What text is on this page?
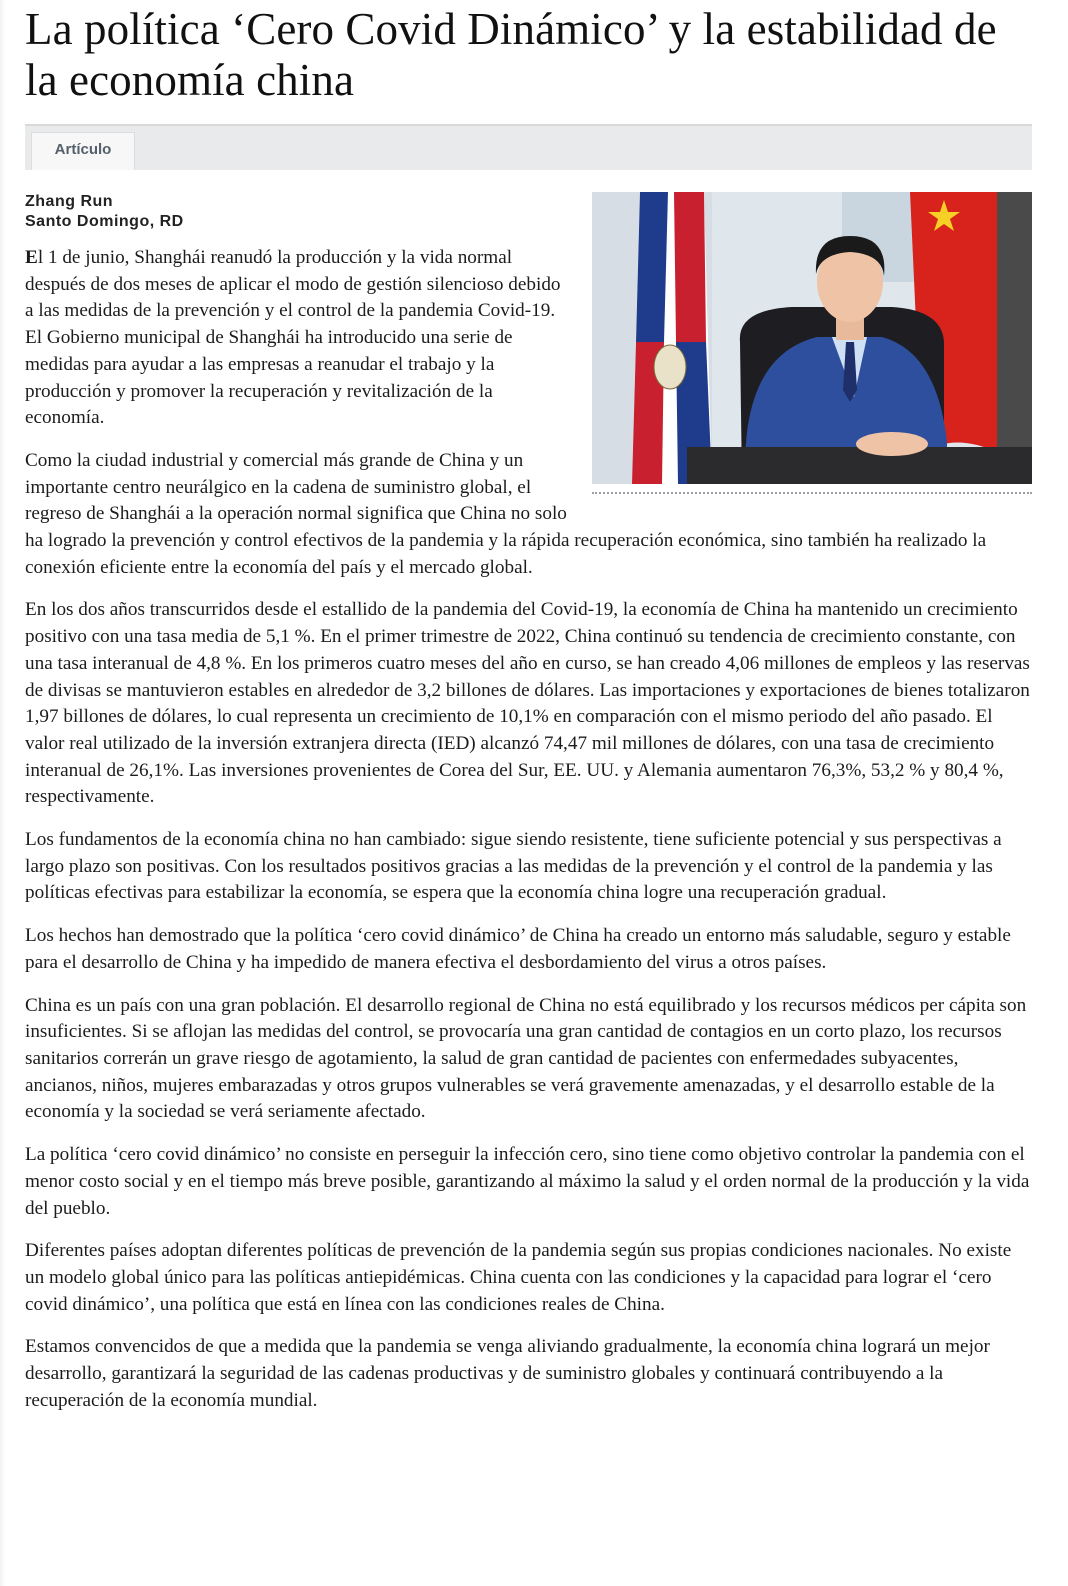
La política ‘Cero Covid Dinámico’ y la estabilidad de la economía china
Artículo
Zhang Run
Santo Domingo, RD

El 1 de junio, Shanghái reanudó la producción y la vida normal después de dos meses de aplicar el modo de gestión silencioso debido a las medidas de la prevención y el control de la pandemia Covid-19. El Gobierno municipal de Shanghái ha introducido una serie de medidas para ayudar a las empresas a reanudar el trabajo y la producción y promover la recuperación y revitalización de la economía.

Como la ciudad industrial y comercial más grande de China y un importante centro neurálgico en la cadena de suministro global, el regreso de Shanghái a la operación normal significa que China no solo ha logrado la prevención y control efectivos de la pandemia y la rápida recuperación económica, sino también ha realizado la conexión eficiente entre la economía del país y el mercado global.

En los dos años transcurridos desde el estallido de la pandemia del Covid-19, la economía de China ha mantenido un crecimiento positivo con una tasa media de 5,1 %. En el primer trimestre de 2022, China continuó su tendencia de crecimiento constante, con una tasa interanual de 4,8 %. En los primeros cuatro meses del año en curso, se han creado 4,06 millones de empleos y las reservas de divisas se mantuvieron estables en alrededor de 3,2 billones de dólares. Las importaciones y exportaciones de bienes totalizaron 1,97 billones de dólares, lo cual representa un crecimiento de 10,1% en comparación con el mismo periodo del año pasado. El valor real utilizado de la inversión extranjera directa (IED) alcanzó 74,47 mil millones de dólares, con una tasa de crecimiento interanual de 26,1%. Las inversiones provenientes de Corea del Sur, EE. UU. y Alemania aumentaron 76,3%, 53,2 % y 80,4 %, respectivamente.

Los fundamentos de la economía china no han cambiado: sigue siendo resistente, tiene suficiente potencial y sus perspectivas a largo plazo son positivas. Con los resultados positivos gracias a las medidas de la prevención y el control de la pandemia y las políticas efectivas para estabilizar la economía, se espera que la economía china logre una recuperación gradual.

Los hechos han demostrado que la política ‘cero covid dinámico’ de China ha creado un entorno más saludable, seguro y estable para el desarrollo de China y ha impedido de manera efectiva el desbordamiento del virus a otros países.

China es un país con una gran población. El desarrollo regional de China no está equilibrado y los recursos médicos per cápita son insuficientes. Si se aflojan las medidas del control, se provocaría una gran cantidad de contagios en un corto plazo, los recursos sanitarios correrán un grave riesgo de agotamiento, la salud de gran cantidad de pacientes con enfermedades subyacentes, ancianos, niños, mujeres embarazadas y otros grupos vulnerables se verá gravemente amenazadas, y el desarrollo estable de la economía y la sociedad se verá seriamente afectado.

La política ‘cero covid dinámico’ no consiste en perseguir la infección cero, sino tiene como objetivo controlar la pandemia con el menor costo social y en el tiempo más breve posible, garantizando al máximo la salud y el orden normal de la producción y la vida del pueblo.

Diferentes países adoptan diferentes políticas de prevención de la pandemia según sus propias condiciones nacionales. No existe un modelo global único para las políticas antiepidémicas. China cuenta con las condiciones y la capacidad para lograr el ‘cero covid dinámico’, una política que está en línea con las condiciones reales de China.

Estamos convencidos de que a medida que la pandemia se venga aliviando gradualmente, la economía china logrará un mejor desarrollo, garantizará la seguridad de las cadenas productivas y de suministro globales y continuará contribuyendo a la recuperación de la economía mundial.
